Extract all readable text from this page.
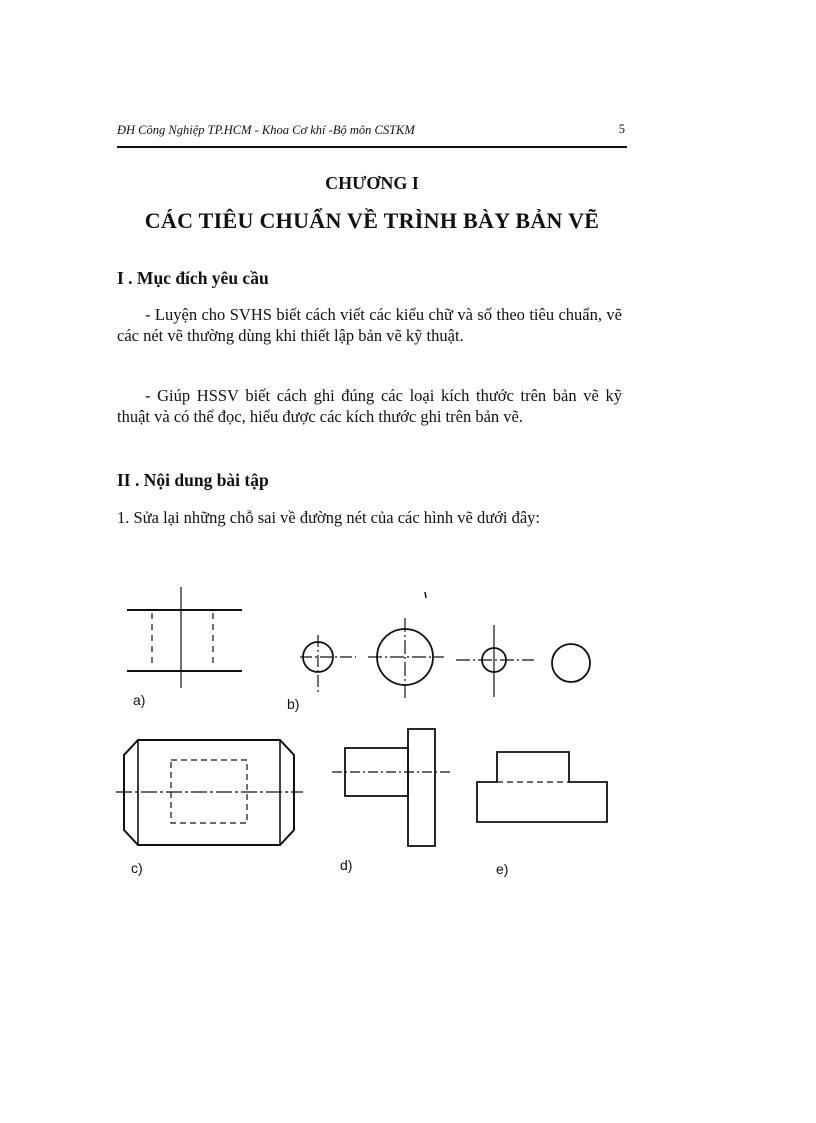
ĐH Công Nghiệp TP.HCM - Khoa Cơ khí -Bộ môn CSTKM	5
CHƯƠNG I
CÁC TIÊU CHUẨN VỀ TRÌNH BÀY BẢN VẼ
I . Mục đích yêu cầu
- Luyện cho SVHS biết cách viết các kiểu chữ và số theo tiêu chuẩn, vẽ các nét vẽ thường dùng khi thiết lập bản vẽ kỹ thuật.
- Giúp HSSV biết cách ghi đúng các loại kích thước trên bản vẽ kỹ thuật và có thể đọc, hiểu được các kích thước ghi trên bản vẽ.
II . Nội dung bài tập
1. Sửa lại những chỗ sai về đường nét của các hình vẽ dưới đây:
a)	b)
c)	d)	e)
